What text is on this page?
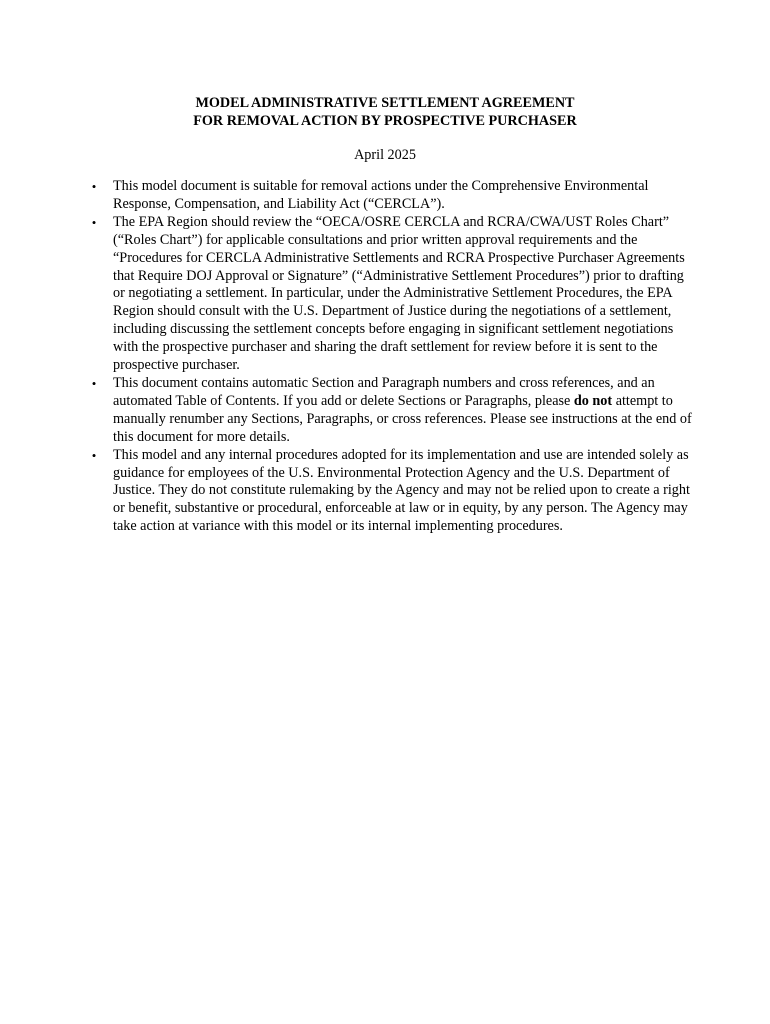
MODEL ADMINISTRATIVE SETTLEMENT AGREEMENT
FOR REMOVAL ACTION BY PROSPECTIVE PURCHASER
April 2025
• This model document is suitable for removal actions under the Comprehensive Environmental Response, Compensation, and Liability Act (“CERCLA”).
• The EPA Region should review the “OECA/OSRE CERCLA and RCRA/CWA/UST Roles Chart” (“Roles Chart”) for applicable consultations and prior written approval requirements and the “Procedures for CERCLA Administrative Settlements and RCRA Prospective Purchaser Agreements that Require DOJ Approval or Signature” (“Administrative Settlement Procedures”) prior to drafting or negotiating a settlement. In particular, under the Administrative Settlement Procedures, the EPA Region should consult with the U.S. Department of Justice during the negotiations of a settlement, including discussing the settlement concepts before engaging in significant settlement negotiations with the prospective purchaser and sharing the draft settlement for review before it is sent to the prospective purchaser.
• This document contains automatic Section and Paragraph numbers and cross references, and an automated Table of Contents. If you add or delete Sections or Paragraphs, please do not attempt to manually renumber any Sections, Paragraphs, or cross references. Please see instructions at the end of this document for more details.
• This model and any internal procedures adopted for its implementation and use are intended solely as guidance for employees of the U.S. Environmental Protection Agency and the U.S. Department of Justice. They do not constitute rulemaking by the Agency and may not be relied upon to create a right or benefit, substantive or procedural, enforceable at law or in equity, by any person. The Agency may take action at variance with this model or its internal implementing procedures.
